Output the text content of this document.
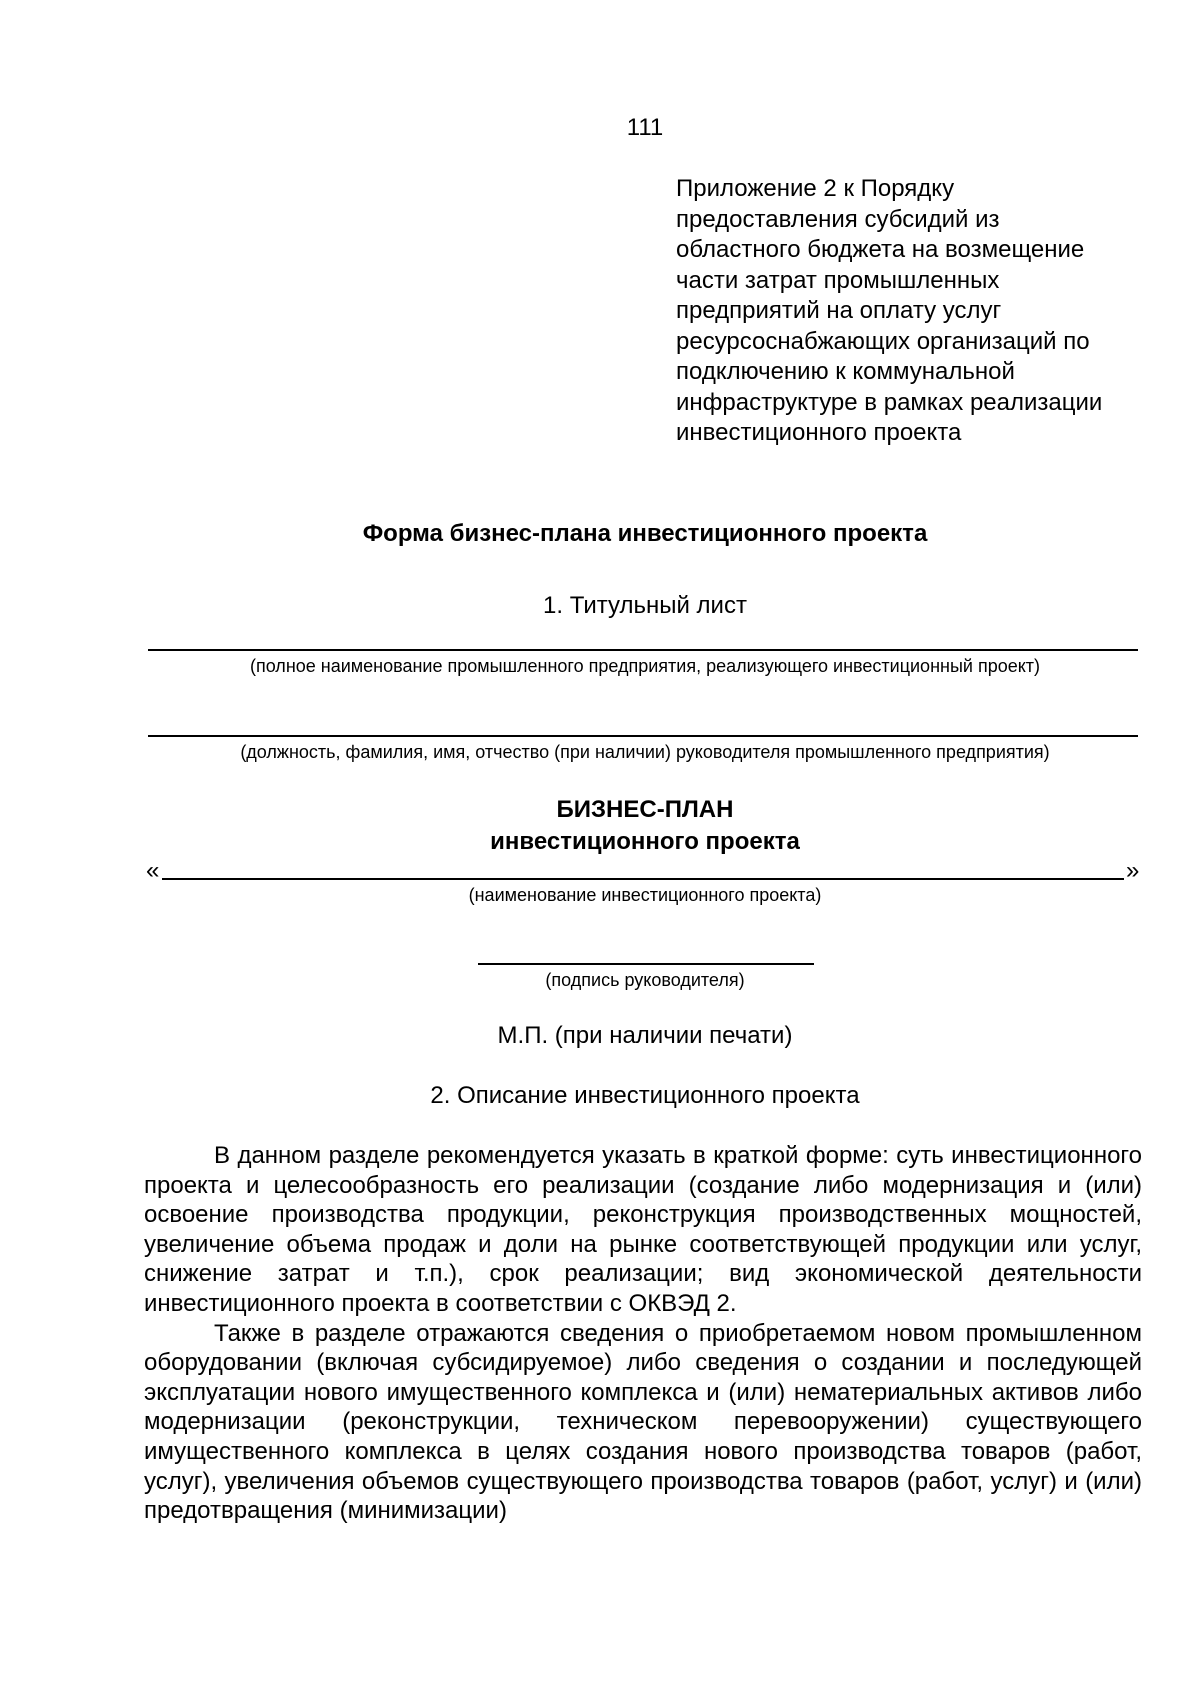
111
Приложение 2 к Порядку
предоставления субсидий из
областного бюджета на возмещение
части затрат промышленных
предприятий на оплату услуг
ресурсоснабжающих организаций по
подключению к коммунальной
инфраструктуре в рамках реализации
инвестиционного проекта
Форма бизнес-плана инвестиционного проекта
1. Титульный лист
(полное наименование промышленного предприятия, реализующего инвестиционный проект)
(должность, фамилия, имя, отчество (при наличии) руководителя промышленного предприятия)
БИЗНЕС-ПЛАН
инвестиционного проекта
«	»
(наименование инвестиционного проекта)
(подпись руководителя)
М.П. (при наличии печати)
2. Описание инвестиционного проекта

В данном разделе рекомендуется указать в краткой форме: суть инвестиционного проекта и целесообразность его реализации (создание либо модернизация и (или) освоение производства продукции, реконструкция производственных мощностей, увеличение объема продаж и доли на рынке соответствующей продукции или услуг, снижение затрат и т.п.), срок реализации; вид экономической деятельности инвестиционного проекта в соответствии с ОКВЭД 2.

Также в разделе отражаются сведения о приобретаемом новом промышленном оборудовании (включая субсидируемое) либо сведения о создании и последующей эксплуатации нового имущественного комплекса и (или) нематериальных активов либо модернизации (реконструкции, техническом перевооружении) существующего имущественного комплекса в целях создания нового производства товаров (работ, услуг), увеличения объемов существующего производства товаров (работ, услуг) и (или) предотвращения (минимизации)
